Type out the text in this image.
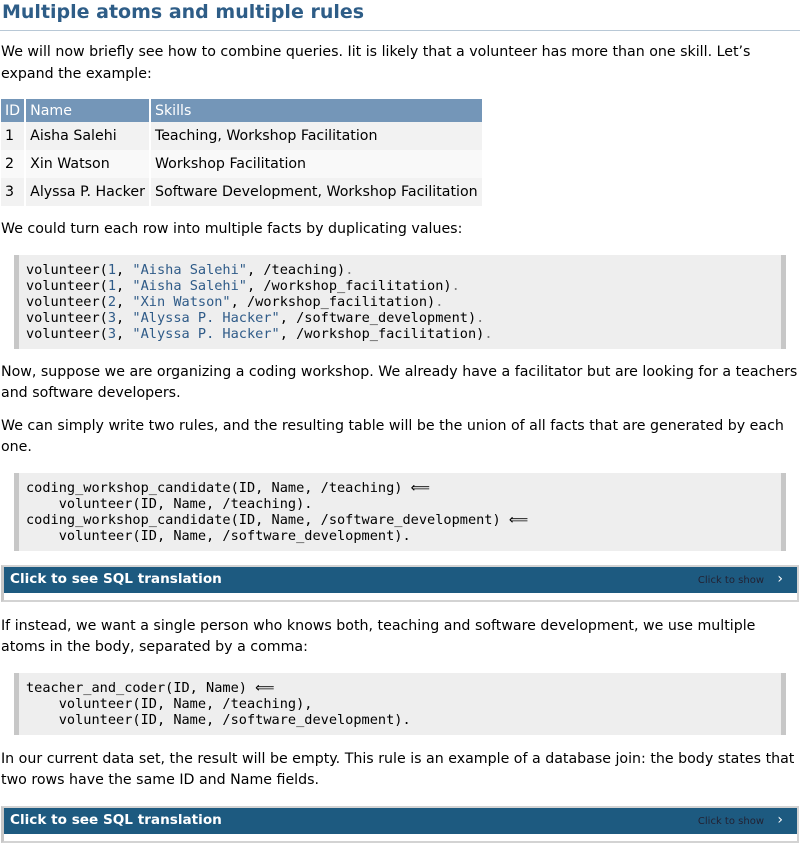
Multiple atoms and multiple rules

We will now briefly see how to combine queries. Iit is likely that a volunteer has more than one skill. Let’s expand the example:

ID	Name	Skills
1	Aisha Salehi	Teaching, Workshop Facilitation
2	Xin Watson	Workshop Facilitation
3	Alyssa P. Hacker	Software Development, Workshop Facilitation

We could turn each row into multiple facts by duplicating values:

volunteer(1, "Aisha Salehi", /teaching).
volunteer(1, "Aisha Salehi", /workshop_facilitation).
volunteer(2, "Xin Watson", /workshop_facilitation).
volunteer(3, "Alyssa P. Hacker", /software_development).
volunteer(3, "Alyssa P. Hacker", /workshop_facilitation).

Now, suppose we are organizing a coding workshop. We already have a facilitator but are looking for a teachers and software developers.

We can simply write two rules, and the resulting table will be the union of all facts that are generated by each one.

coding_workshop_candidate(ID, Name, /teaching) ⟸
volunteer(ID, Name, /teaching).
coding_workshop_candidate(ID, Name, /software_development) ⟸
volunteer(ID, Name, /software_development).
Click to see SQL translation	Click to show ›

If instead, we want a single person who knows both, teaching and software development, we use multiple atoms in the body, separated by a comma:

teacher_and_coder(ID, Name) ⟸
volunteer(ID, Name, /teaching),
volunteer(ID, Name, /software_development).

In our current data set, the result will be empty. This rule is an example of a database join: the body states that two rows have the same ID and Name fields.

Click to see SQL translation	Click to show ›
